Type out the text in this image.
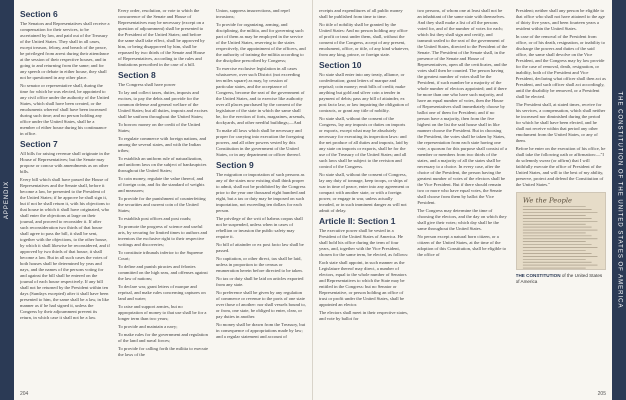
APPENDIX
Section 6

The Senators and Representatives shall receive a compensation for their services, to be ascertained by law, and paid out of the Treasury of the United States. They shall in all cases, except treason, felony, and breach of the peace, be privileged from arrest during their attendance at the session of their respective houses, and in going to and returning from the same; and for any speech or debate in either house, they shall not be questioned in any other place.

No senator or representative shall, during the time for which he was elected, be appointed to any civil office under the authority of the United States, which shall have been created, or the emoluments whereof shall have been increased during such time; and no person holding any office under the United States, shall be a member of either house during his continuance in office.

Section 7

All bills for raising revenue shall originate in the House of Representatives; but the Senate may propose or concur with amendments as on other bills.

Every bill which shall have passed the House of Representatives and the Senate shall, before it become a law, be presented to the President of the United States; if he approve he shall sign it, but if not he shall return it, with his objections to that house in which it shall have originated, who shall enter the objections at large on their journal, and proceed to reconsider it. If after such reconsideration two thirds of that house shall agree to pass the bill, it shall be sent, together with the objections, to the other house, by which it shall likewise be reconsidered, and if approved by two thirds of that house, it shall become a law. But in all such cases the votes of both houses shall be determined by yeas and nays, and the names of the persons voting for and against the bill shall be entered on the journal of each house respectively. If any bill shall not be returned by the President within ten days (Sundays excepted) after it shall have been presented to him, the same shall be a law, in like manner as if he had signed it, unless the Congress by their adjournment prevent its return, in which case it shall not be a law.

Every order, resolution, or vote to which the concurrence of the Senate and House of Representatives may be necessary (except on a question of adjournment) shall be presented to the President of the United States; and before the same shall take effect, shall be approved by him, or being disapproved by him, shall be repassed by two thirds of the Senate and House of Representatives, according to the rules and limitations prescribed in the case of a bill.

Section 8

The Congress shall have power

To lay and collect taxes, duties, imposts and excises, to pay the debts and provide for the common defense and general welfare of the United States; but all duties, imposts and excises shall be uniform throughout the United States;

To borrow money on the credit of the United States;

To regulate commerce with foreign nations, and among the several states, and with the Indian tribes;

To establish an uniform rule of naturalization, and uniform laws on the subject of bankruptcies throughout the United States;

To coin money, regulate the value thereof, and of foreign coin, and fix the standard of weights and measures;

To provide for the punishment of counterfeiting the securities and current coin of the United States;

To establish post offices and post roads;

To promote the progress of science and useful arts, by securing for limited times to authors and inventors the exclusive right to their respective writings and discoveries;

To constitute tribunals inferior to the Supreme Court;

To define and punish piracies and felonies committed on the high seas, and offenses against the law of nations;

To declare war, grant letters of marque and reprisal, and make rules concerning captures on land and water;

To raise and support armies, but no appropriation of money to that use shall be for a longer term than two years;

To provide and maintain a navy;

To make rules for the government and regulation of the land and naval forces;

To provide for calling forth the militia to execute the laws of the

Union, suppress insurrections, and repel invasions;

To provide for organizing, arming, and disciplining, the militia, and for governing such part of them as may be employed in the service of the United States, reserving to the states respectively, the appointment of the officers, and the authority of training the militia according to the discipline prescribed by Congress;

To exercise exclusive legislation in all cases whatsoever, over such District (not exceeding ten miles square) as may, by cession of particular states, and the acceptance of Congress, become the seat of the government of the United States, and to exercise like authority over all places purchased by the consent of the legislature of the state in which the same shall be, for the erection of forts, magazines, arsenals, dockyards, and other needful buildings;—And

To make all laws which shall be necessary and proper for carrying into execution the foregoing powers, and all other powers vested by this Constitution in the government of the United States, or in any department or officer thereof.

Section 9

The migration or importation of such persons as any of the states now existing shall think proper to admit, shall not be prohibited by the Congress prior to the year one thousand eight hundred and eight, but a tax or duty may be imposed on such importation, not exceeding ten dollars for each person.

The privilege of the writ of habeas corpus shall not be suspended, unless when in cases of rebellion or invasion the public safety may require it.

No bill of attainder or ex post facto law shall be passed.

No capitation, or other direct, tax shall be laid, unless in proportion to the census or enumeration herein before directed to be taken.

No tax or duty shall be laid on articles exported from any state.

No preference shall be given by any regulation of commerce or revenue to the ports of one state over those of another: nor shall vessels bound to, or from, one state, be obliged to enter, clear, or pay duties in another.

No money shall be drawn from the Treasury, but in consequence of appropriations made by law; and a regular statement and account of

204
THE CONSTITUTION OF THE UNITED STATES OF AMERICA

receipts and expenditures of all public money shall be published from time to time.

No title of nobility shall be granted by the United States: And no person holding any office of profit or trust under them, shall, without the consent of the Congress, accept of any present, emolument, office, or title, of any kind whatever, from any king, prince, or foreign state.

Section 10

No state shall enter into any treaty, alliance, or confederation; grant letters of marque and reprisal; coin money; emit bills of credit; make anything but gold and silver coin a tender in payment of debts; pass any bill of attainder, ex post facto law, or law impairing the obligation of contracts, or grant any title of nobility.

No state shall, without the consent of the Congress, lay any imposts or duties on imports or exports, except what may be absolutely necessary for executing its inspection laws: and the net produce of all duties and imposts, laid by any state on imports or exports, shall be for the use of the Treasury of the United States; and all such laws shall be subject to the revision and control of the Congress.

No state shall, without the consent of Congress, lay any duty of tonnage, keep troops, or ships of war in time of peace, enter into any agreement or compact with another state, or with a foreign power, or engage in war, unless actually invaded, or in such imminent danger as will not admit of delay.

Article II: Section 1

The executive power shall be vested in a President of the United States of America. He shall hold his office during the term of four years, and, together with the Vice President, chosen for the same term, be elected, as follows:

Each state shall appoint, in such manner as the Legislature thereof may direct, a number of electors, equal to the whole number of Senators and Representatives to which the State may be entitled in the Congress: but no Senator or Representative, or person holding an office of trust or profit under the United States, shall be appointed an elector.

The electors shall meet in their respective states, and vote by ballot for

two persons, of whom one at least shall not be an inhabitant of the same state with themselves. And they shall make a list of all the persons voted for, and of the number of votes for each; which list they shall sign and certify, and transmit sealed to the seat of the government of the United States, directed to the President of the Senate. The President of the Senate shall, in the presence of the Senate and House of Representatives, open all the certificates, and the votes shall then be counted. The person having the greatest number of votes shall be the President, if such number be a majority of the whole number of electors appointed; and if there be more than one who have such majority, and have an equal number of votes, then the House of Representatives shall immediately choose by ballot one of them for President; and if no person have a majority, then from the five highest on the list the said house shall in like manner choose the President. But in choosing the President, the votes shall be taken by States, the representation from each state having one vote; a quorum for this purpose shall consist of a member or members from two thirds of the states, and a majority of all the states shall be necessary to a choice. In every case, after the choice of the President, the person having the greatest number of votes of the electors shall be the Vice President. But if there should remain two or more who have equal votes, the Senate shall choose from them by ballot the Vice President.

The Congress may determine the time of choosing the electors, and the day on which they shall give their votes; which day shall be the same throughout the United States.

No person except a natural born citizen, or a citizen of the United States, at the time of the adoption of this Constitution, shall be eligible to the office of

President; neither shall any person be eligible to that office who shall not have attained to the age of thirty five years, and been fourteen years a resident within the United States.

In case of the removal of the President from office, or of his death, resignation, or inability to discharge the powers and duties of the said office, the same shall devolve on the Vice President, and the Congress may by law provide for the case of removal, death, resignation, or inability, both of the President and Vice President, declaring what officer shall then act as President, and such officer shall act accordingly, until the disability be removed, or a President shall be elected.

The President shall, at stated times, receive for his services, a compensation, which shall neither be increased nor diminished during the period for which he shall have been elected, and he shall not receive within that period any other emolument from the United States, or any of them.

Before he enter on the execution of his office, he shall take the following oath or affirmation:—"I do solemnly swear (or affirm) that I will faithfully execute the office of President of the United States, and will to the best of my ability, preserve, protect and defend the Constitution of the United States."

We the People
THE CONSTITUTION of the United States of America
205
